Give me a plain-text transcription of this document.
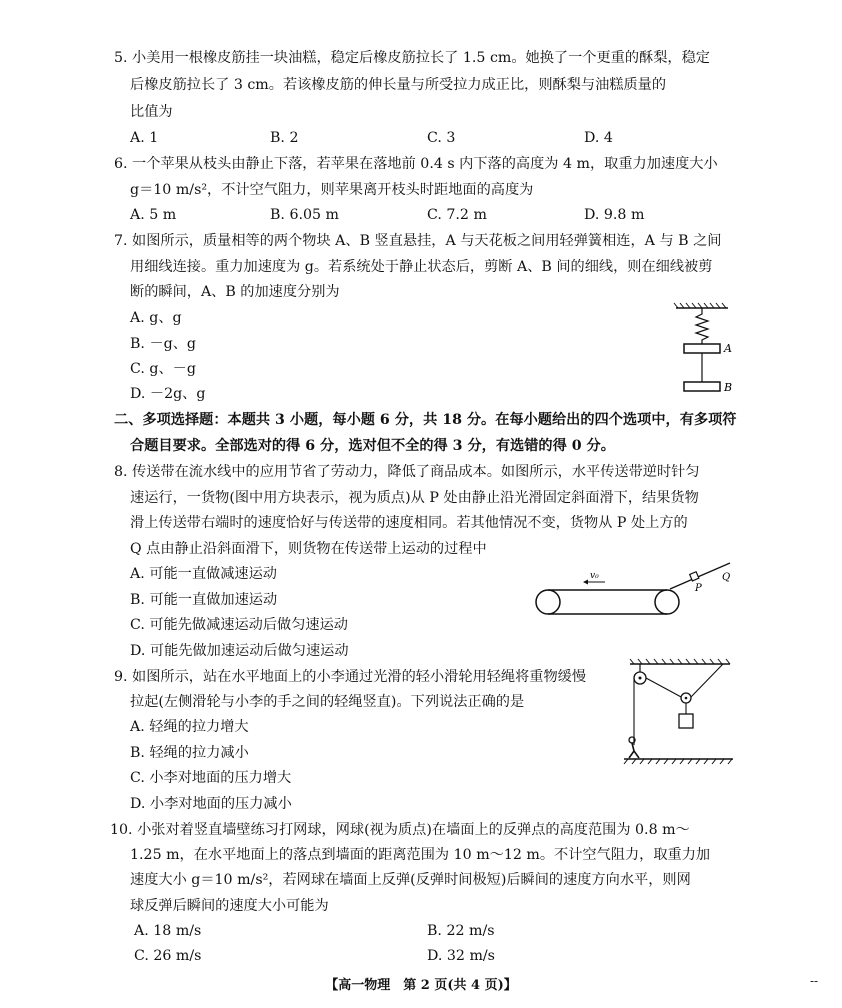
5. 小美用一根橡皮筋挂一块油糕，稳定后橡皮筋拉长了 1.5 cm。她换了一个更重的酥梨，稳定
后橡皮筋拉长了 3 cm。若该橡皮筋的伸长量与所受拉力成正比，则酥梨与油糕质量的
比值为
A. 1	B. 2	C. 3	D. 4
6. 一个苹果从枝头由静止下落，若苹果在落地前 0.4 s 内下落的高度为 4 m，取重力加速度大小
g＝10 m/s²，不计空气阻力，则苹果离开枝头时距地面的高度为
A. 5 m	B. 6.05 m	C. 7.2 m	D. 9.8 m
7. 如图所示，质量相等的两个物块 A、B 竖直悬挂，A 与天花板之间用轻弹簧相连，A 与 B 之间
用细线连接。重力加速度为 g。若系统处于静止状态后，剪断 A、B 间的细线，则在细线被剪
断的瞬间，A、B 的加速度分别为
A. g、g
B. －g、g
C. g、－g
D. －2g、g
A
B
二、多项选择题：本题共 3 小题，每小题 6 分，共 18 分。在每小题给出的四个选项中，有多项符
合题目要求。全部选对的得 6 分，选对但不全的得 3 分，有选错的得 0 分。
8. 传送带在流水线中的应用节省了劳动力，降低了商品成本。如图所示，水平传送带逆时针匀
速运行，一货物(图中用方块表示，视为质点)从 P 处由静止沿光滑固定斜面滑下，结果货物
滑上传送带右端时的速度恰好与传送带的速度相同。若其他情况不变，货物从 P 处上方的
Q 点由静止沿斜面滑下，则货物在传送带上运动的过程中
A. 可能一直做减速运动
B. 可能一直做加速运动
C. 可能先做减速运动后做匀速运动
D. 可能先做加速运动后做匀速运动
v₀
P
Q
9. 如图所示，站在水平地面上的小李通过光滑的轻小滑轮用轻绳将重物缓慢
拉起(左侧滑轮与小李的手之间的轻绳竖直)。下列说法正确的是
A. 轻绳的拉力增大
B. 轻绳的拉力减小
C. 小李对地面的压力增大
D. 小李对地面的压力减小
10. 小张对着竖直墙壁练习打网球，网球(视为质点)在墙面上的反弹点的高度范围为 0.8 m～
1.25 m，在水平地面上的落点到墙面的距离范围为 10 m～12 m。不计空气阻力，取重力加
速度大小 g＝10 m/s²，若网球在墙面上反弹(反弹时间极短)后瞬间的速度方向水平，则网
球反弹后瞬间的速度大小可能为
A. 18 m/s	B. 22 m/s
C. 26 m/s	D. 32 m/s
【高一物理　第 2 页(共 4 页)】	--
